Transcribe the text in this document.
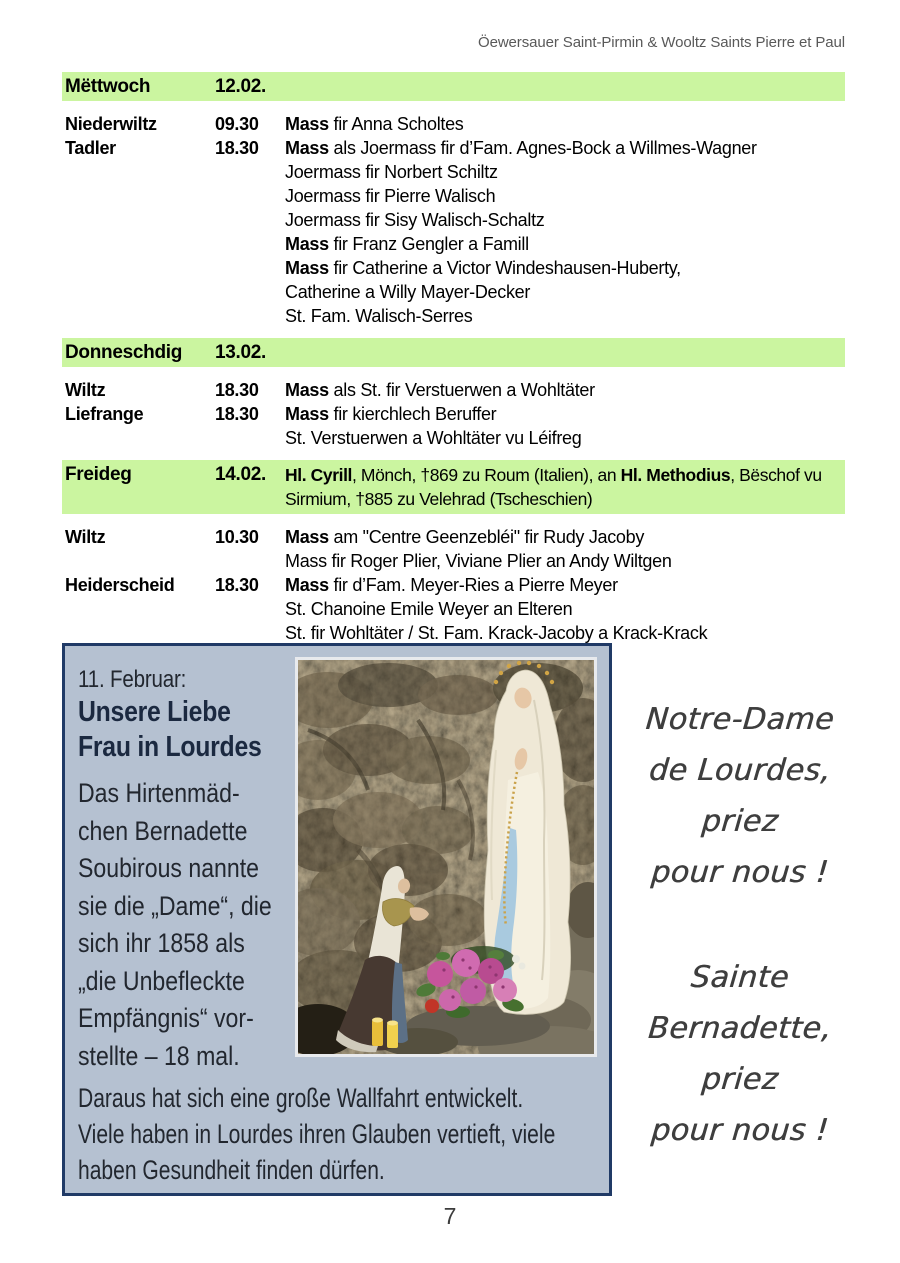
Öewersauer Saint-Pirmin & Wooltz Saints Pierre et Paul
Mëttwoch	12.02.
Niederwiltz	09.30 Mass fir Anna Scholtes
Tadler	18.30 Mass als Joermass fir d’Fam. Agnes-Bock a Willmes-Wagner
Joermass fir Norbert Schiltz
Joermass fir Pierre Walisch
Joermass fir Sisy Walisch-Schaltz
Mass fir Franz Gengler a Famill
Mass fir Catherine a Victor Windeshausen-Huberty,
Catherine a Willy Mayer-Decker
St. Fam. Walisch-Serres
Donneschdig 13.02.
Wiltz	18.30 Mass als St. fir Verstuerwen a Wohltäter
Liefrange	18.30 Mass fir kierchlech Beruffer
St. Verstuerwen a Wohltäter vu Léifreg
Freideg	14.02. Hl. Cyrill, Mönch, †869 zu Roum (Italien), an Hl. Methodius, Bëschof vu
Sirmium, †885 zu Velehrad (Tscheschien)
Wiltz	10.30 Mass am "Centre Geenzebléi" fir Rudy Jacoby
Mass fir Roger Plier, Viviane Plier an Andy Wiltgen
Heiderscheid 18.30 Mass fir d’Fam. Meyer-Ries a Pierre Meyer
St. Chanoine Emile Weyer an Elteren
St. fir Wohltäter / St. Fam. Krack-Jacoby a Krack-Krack
11. Februar:
Unsere Liebe
Frau in Lourdes
Das Hirtenmäd-
chen Bernadette
Soubirous nannte
sie die „Dame“, die
sich ihr 1858 als
„die Unbefleckte
Empfängnis“ vor-
stellte – 18 mal.
Daraus hat sich eine große Wallfahrt entwickelt.
Viele haben in Lourdes ihren Glauben vertieft, viele
haben Gesundheit finden dürfen.
Notre-Dame
de Lourdes,
priez
pour nous !
Sainte
Bernadette,
priez
pour nous !
7
